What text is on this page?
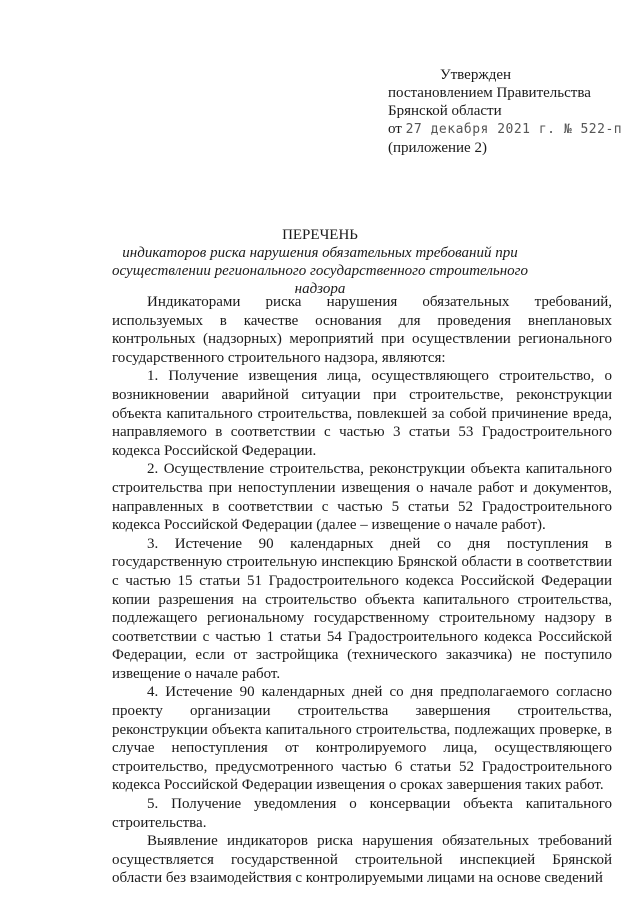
Утвержден
постановлением Правительства
Брянской области
от 27 декабря 2021 г. № 522-п
(приложение 2)
ПЕРЕЧЕНЬ
индикаторов риска нарушения обязательных требований при осуществлении регионального государственного строительного надзора

Индикаторами риска нарушения обязательных требований, используемых в качестве основания для проведения внеплановых контрольных (надзорных) мероприятий при осуществлении регионального государственного строительного надзора, являются:

1. Получение извещения лица, осуществляющего строительство, о возникновении аварийной ситуации при строительстве, реконструкции объекта капитального строительства, повлекшей за собой причинение вреда, направляемого в соответствии с частью 3 статьи 53 Градостроительного кодекса Российской Федерации.

2. Осуществление строительства, реконструкции объекта капитального строительства при непоступлении извещения о начале работ и документов, направленных в соответствии с частью 5 статьи 52 Градостроительного кодекса Российской Федерации (далее – извещение о начале работ).

3. Истечение 90 календарных дней со дня поступления в государственную строительную инспекцию Брянской области в соответствии с частью 15 статьи 51 Градостроительного кодекса Российской Федерации копии разрешения на строительство объекта капитального строительства, подлежащего региональному государственному строительному надзору в соответствии с частью 1 статьи 54 Градостроительного кодекса Российской Федерации, если от застройщика (технического заказчика) не поступило извещение о начале работ.

4. Истечение 90 календарных дней со дня предполагаемого согласно проекту организации строительства завершения строительства, реконструкции объекта капитального строительства, подлежащих проверке, в случае непоступления от контролируемого лица, осуществляющего строительство, предусмотренного частью 6 статьи 52 Градостроительного кодекса Российской Федерации извещения о сроках завершения таких работ.

5. Получение уведомления о консервации объекта капитального строительства.

Выявление индикаторов риска нарушения обязательных требований осуществляется государственной строительной инспекцией Брянской области без взаимодействия с контролируемыми лицами на основе сведений
